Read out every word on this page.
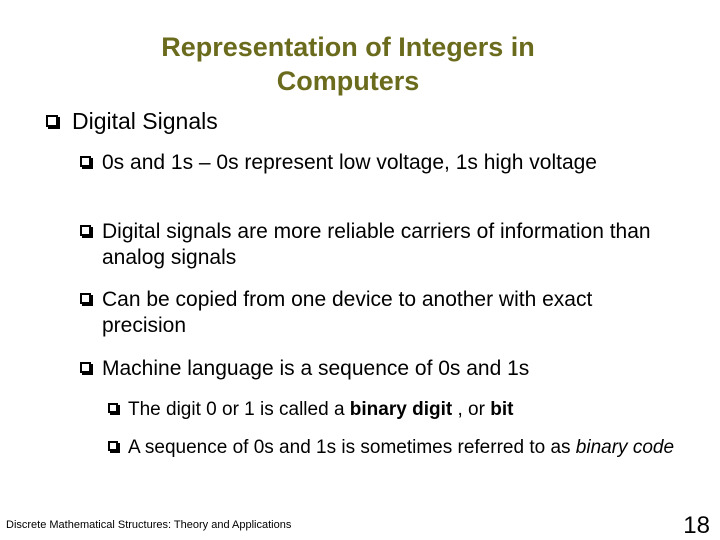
Representation of Integers in
Computers
Digital Signals
0s and 1s – 0s represent low voltage, 1s high voltage
Digital signals are more reliable carriers of information than analog signals
Can be copied from one device to another with exact precision
Machine language is a sequence of 0s and 1s
The digit 0 or 1 is called a binary digit , or bit
A sequence of 0s and 1s is sometimes referred to as binary code
Discrete Mathematical Structures: Theory and Applications	18
